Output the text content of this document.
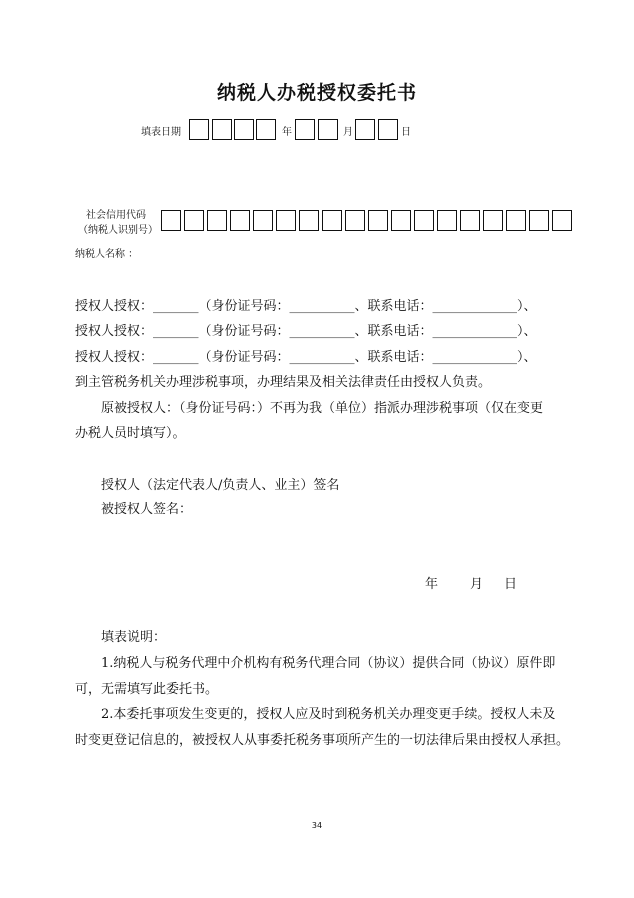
纳税人办税授权委托书
填表日期	年	月	日
社会信用代码
（纳税人识别号）
纳税人名称 ：
授权人授权：_______（身份证号码：__________、联系电话：_____________）、
授权人授权：_______（身份证号码：__________、联系电话：_____________）、
授权人授权：_______（身份证号码：__________、联系电话：_____________）、
到主管税务机关办理涉税事项，办理结果及相关法律责任由授权人负责。
原被授权人：（身份证号码：）不再为我（单位）指派办理涉税事项（仅在变更
办税人员时填写）。
授权人（法定代表人/负责人、业主）签名
被授权人签名：
年 月 日
填表说明：
1.纳税人与税务代理中介机构有税务代理合同（协议）提供合同（协议）原件即
可，无需填写此委托书。
2.本委托事项发生变更的，授权人应及时到税务机关办理变更手续。授权人未及
时变更登记信息的，被授权人从事委托税务事项所产生的一切法律后果由授权人承担。
34
